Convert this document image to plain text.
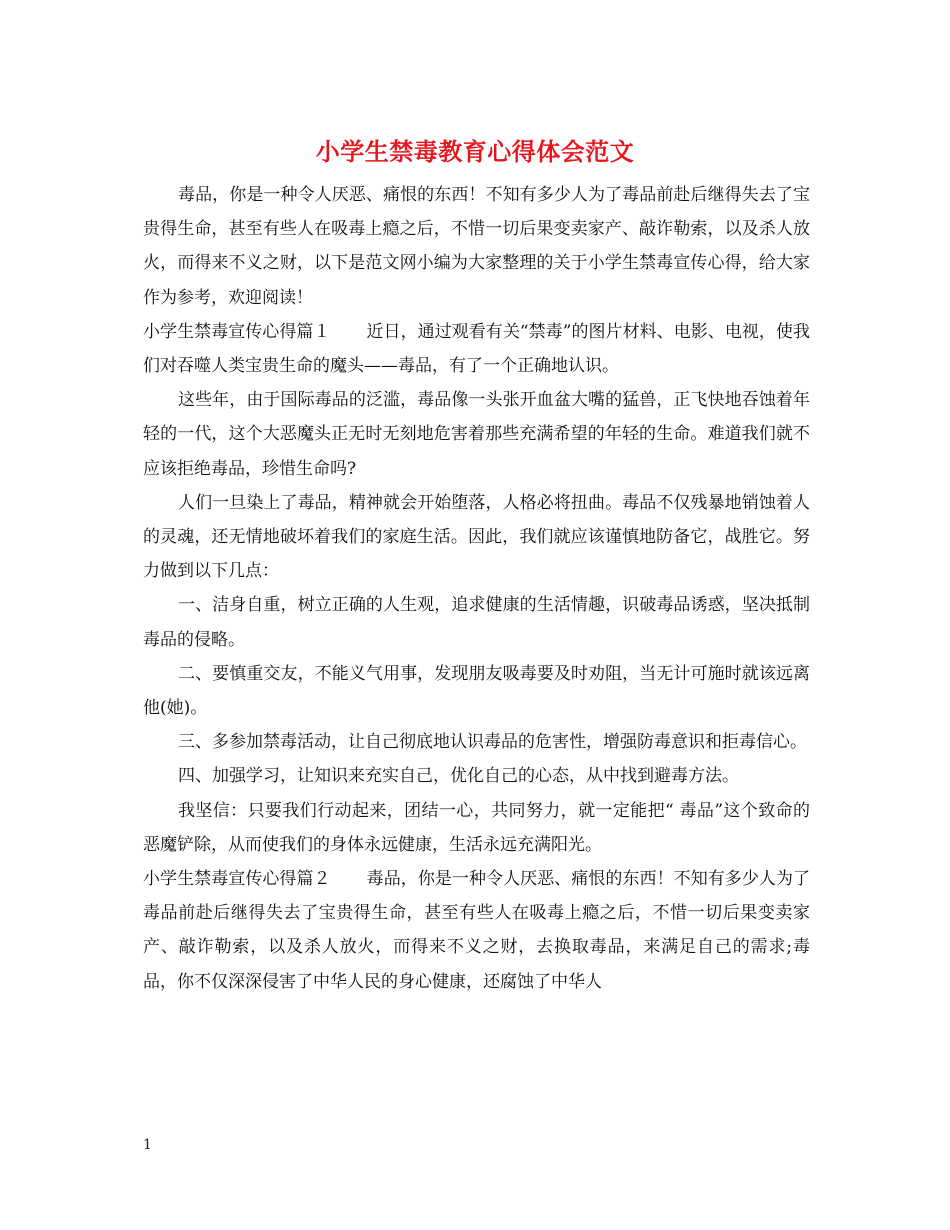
小学生禁毒教育心得体会范文

毒品，你是一种令人厌恶、痛恨的东西！不知有多少人为了毒品前赴后继得失去了宝贵得生命，甚至有些人在吸毒上瘾之后，不惜一切后果变卖家产、敲诈勒索，以及杀人放火，而得来不义之财，以下是范文网小编为大家整理的关于小学生禁毒宣传心得，给大家作为参考，欢迎阅读！

小学生禁毒宣传心得篇１ 近日，通过观看有关“禁毒”的图片材料、电影、电视，使我们对吞噬人类宝贵生命的魔头——毒品，有了一个正确地认识。

这些年，由于国际毒品的泛滥，毒品像一头张开血盆大嘴的猛兽，正飞快地吞蚀着年轻的一代，这个大恶魔头正无时无刻地危害着那些充满希望的年轻的生命。难道我们就不应该拒绝毒品，珍惜生命吗?

人们一旦染上了毒品，精神就会开始堕落，人格必将扭曲。毒品不仅残暴地销蚀着人的灵魂，还无情地破坏着我们的家庭生活。因此，我们就应该谨慎地防备它，战胜它。努力做到以下几点：

一、洁身自重，树立正确的人生观，追求健康的生活情趣，识破毒品诱惑，坚决抵制毒品的侵略。

二、要慎重交友，不能义气用事，发现朋友吸毒要及时劝阻，当无计可施时就该远离他(她)。

三、多参加禁毒活动，让自己彻底地认识毒品的危害性，增强防毒意识和拒毒信心。

四、加强学习，让知识来充实自己，优化自己的心态，从中找到避毒方法。

我坚信：只要我们行动起来，团结一心，共同努力，就一定能把“ 毒品”这个致命的恶魔铲除，从而使我们的身体永远健康，生活永远充满阳光。

小学生禁毒宣传心得篇２ 毒品，你是一种令人厌恶、痛恨的东西！不知有多少人为了毒品前赴后继得失去了宝贵得生命，甚至有些人在吸毒上瘾之后，不惜一切后果变卖家产、敲诈勒索，以及杀人放火，而得来不义之财，去换取毒品，来满足自己的需求;毒品，你不仅深深侵害了中华人民的身心健康，还腐蚀了中华人

1
